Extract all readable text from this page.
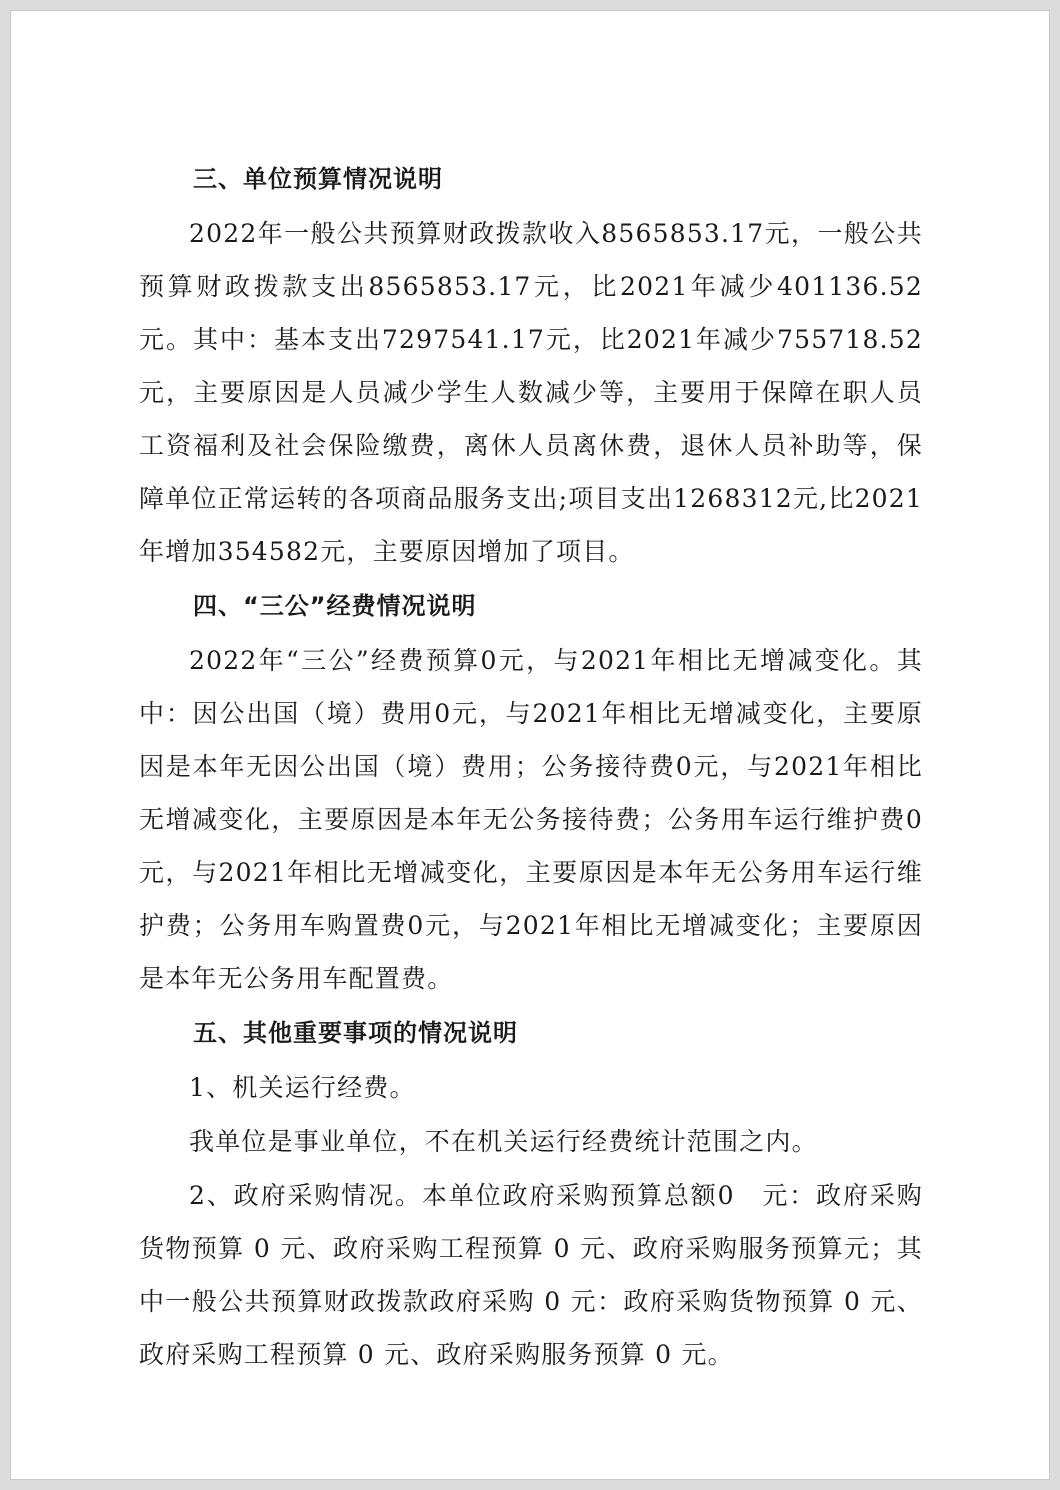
三、单位预算情况说明

2022年一般公共预算财政拨款收入8565853.17元，一般公共预算财政拨款支出8565853.17元，比2021年减少401136.52元。其中：基本支出7297541.17元，比2021年减少755718.52元，主要原因是人员减少学生人数减少等，主要用于保障在职人员工资福利及社会保险缴费，离休人员离休费，退休人员补助等，保障单位正常运转的各项商品服务支出;项目支出1268312元,比2021年增加354582元，主要原因增加了项目。

四、“三公”经费情况说明

2022年“三公”经费预算0元，与2021年相比无增减变化。其中：因公出国（境）费用0元，与2021年相比无增减变化，主要原因是本年无因公出国（境）费用；公务接待费0元，与2021年相比无增减变化，主要原因是本年无公务接待费；公务用车运行维护费0元，与2021年相比无增减变化，主要原因是本年无公务用车运行维护费；公务用车购置费0元，与2021年相比无增减变化；主要原因是本年无公务用车配置费。

五、其他重要事项的情况说明

1、机关运行经费。

我单位是事业单位，不在机关运行经费统计范围之内。

2、政府采购情况。本单位政府采购预算总额0　元：政府采购货物预算 0 元、政府采购工程预算 0 元、政府采购服务预算元；其中一般公共预算财政拨款政府采购 0 元：政府采购货物预算 0 元、政府采购工程预算 0 元、政府采购服务预算 0 元。
